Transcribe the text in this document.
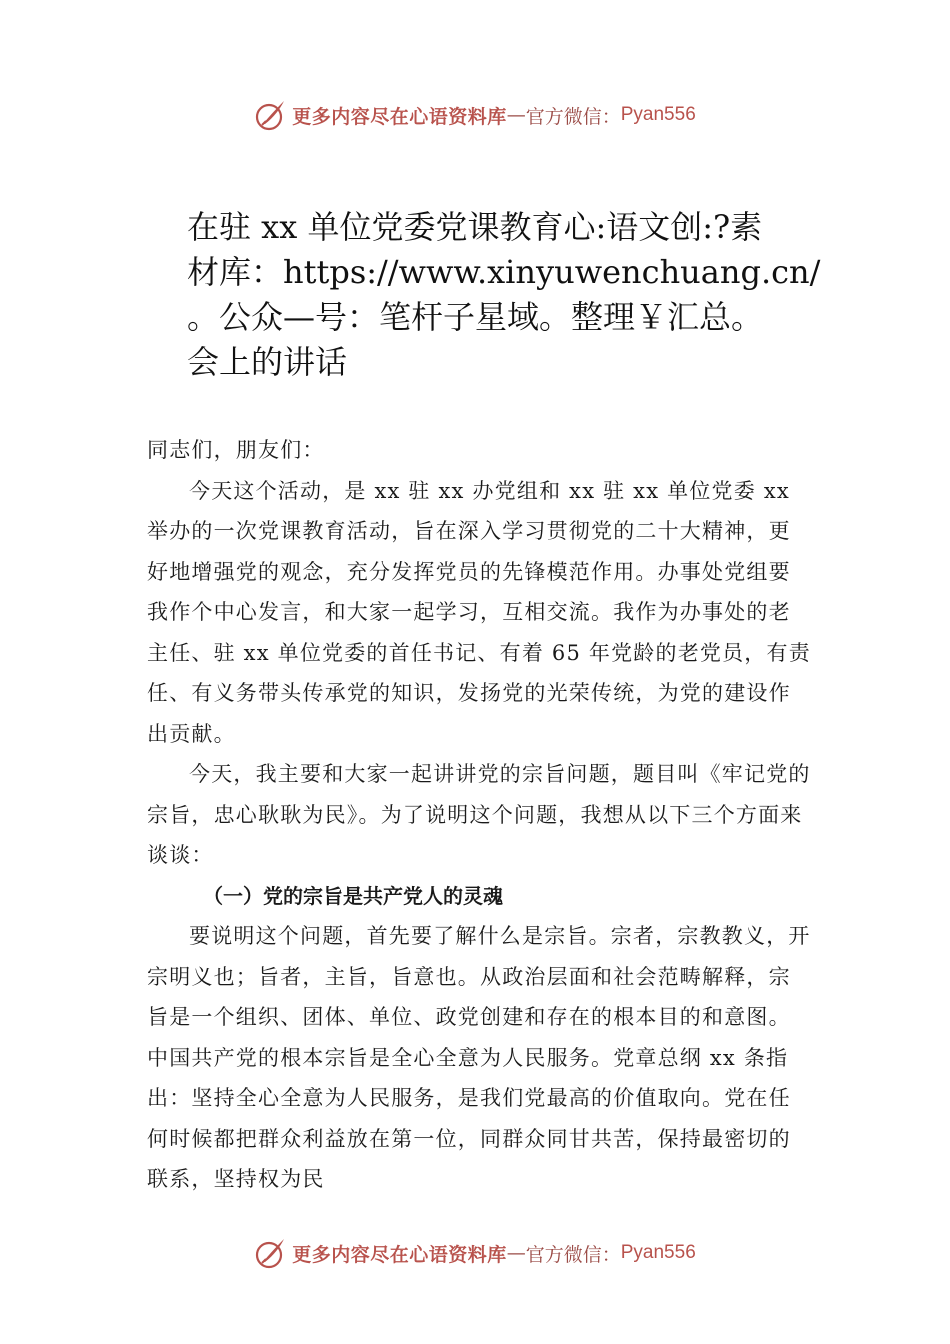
更多内容尽在心语资料库 — 官方微信： Pyan556
在驻 xx 单位党委党课教育心:语文创:?素
材库：https://www.xinyuwenchuang.cn/
。公众—号：笔杆子星域。整理￥汇总。
会上的讲话

同志们，朋友们：

今天这个活动，是 xx 驻 xx 办党组和 xx 驻 xx 单位党委 xx 举办的一次党课教育活动，旨在深入学习贯彻党的二十大精神，更好地增强党的观念，充分发挥党员的先锋模范作用。办事处党组要我作个中心发言，和大家一起学习，互相交流。我作为办事处的老主任、驻 xx 单位党委的首任书记、有着 65 年党龄的老党员，有责任、有义务带头传承党的知识，发扬党的光荣传统，为党的建设作出贡献。

今天，我主要和大家一起讲讲党的宗旨问题，题目叫《牢记党的宗旨，忠心耿耿为民》。为了说明这个问题，我想从以下三个方面来谈谈：

（一）党的宗旨是共产党人的灵魂

要说明这个问题，首先要了解什么是宗旨。宗者，宗教教义，开宗明义也；旨者，主旨，旨意也。从政治层面和社会范畴解释，宗旨是一个组织、团体、单位、政党创建和存在的根本目的和意图。中国共产党的根本宗旨是全心全意为人民服务。党章总纲 xx 条指出：坚持全心全意为人民服务，是我们党最高的价值取向。党在任何时候都把群众利益放在第一位，同群众同甘共苦，保持最密切的联系，坚持权为民

更多内容尽在心语资料库 — 官方微信： Pyan556
